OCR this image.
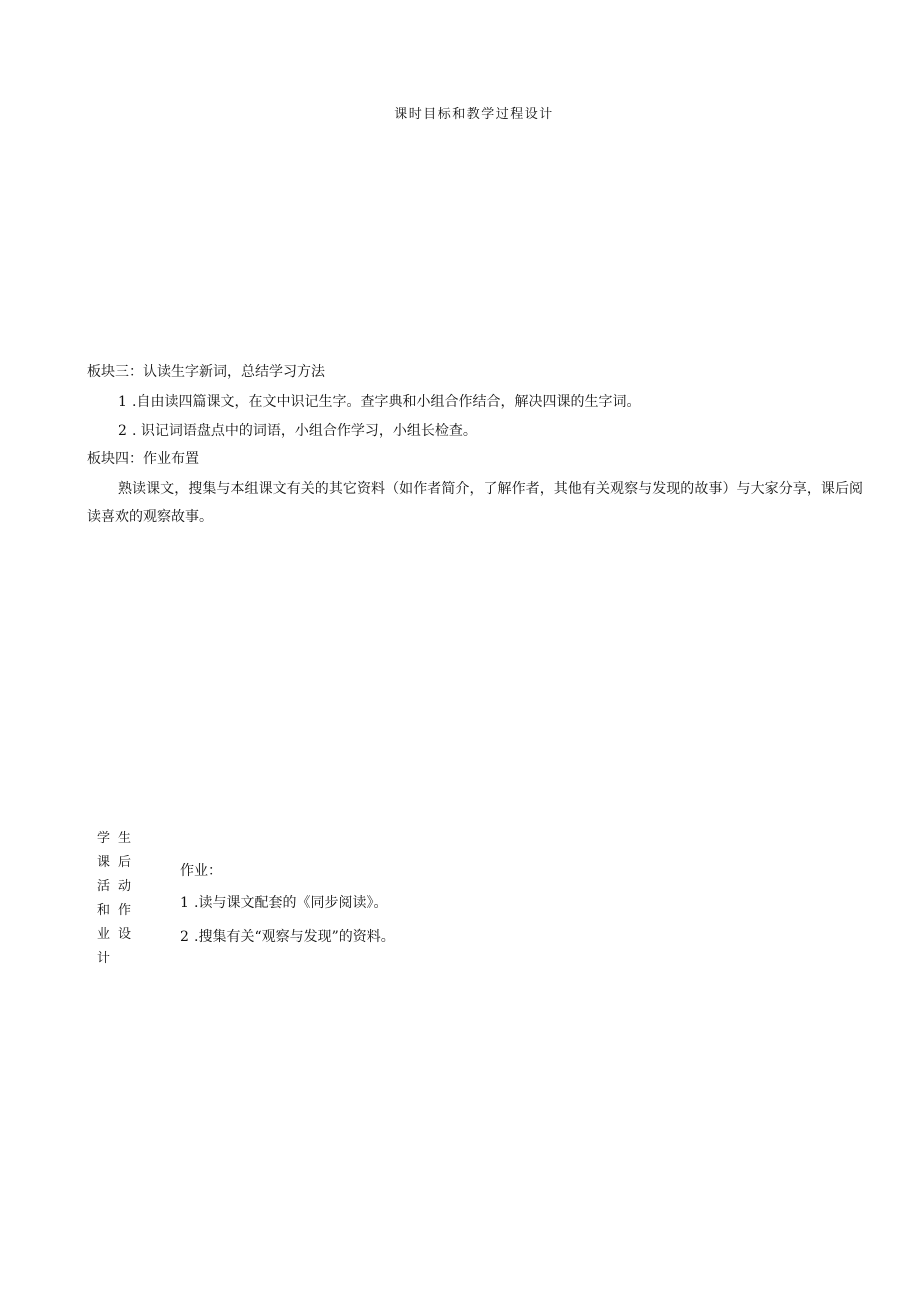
课时目标和教学过程设计
板块三：认读生字新词，总结学习方法
1 .自由读四篇课文，在文中识记生字。查字典和小组合作结合，解决四课的生字词。
2 . 识记词语盘点中的词语，小组合作学习，小组长检查。
板块四：作业布置
熟读课文，搜集与本组课文有关的其它资料（如作者简介，了解作者，其他有关观察与发现的故事）与大家分享，课后阅读喜欢的观察故事。
学生
课后
活动
和作
业设
计
作业：
1 .读与课文配套的《同步阅读》。
2 .搜集有关“观察与发现”的资料。
